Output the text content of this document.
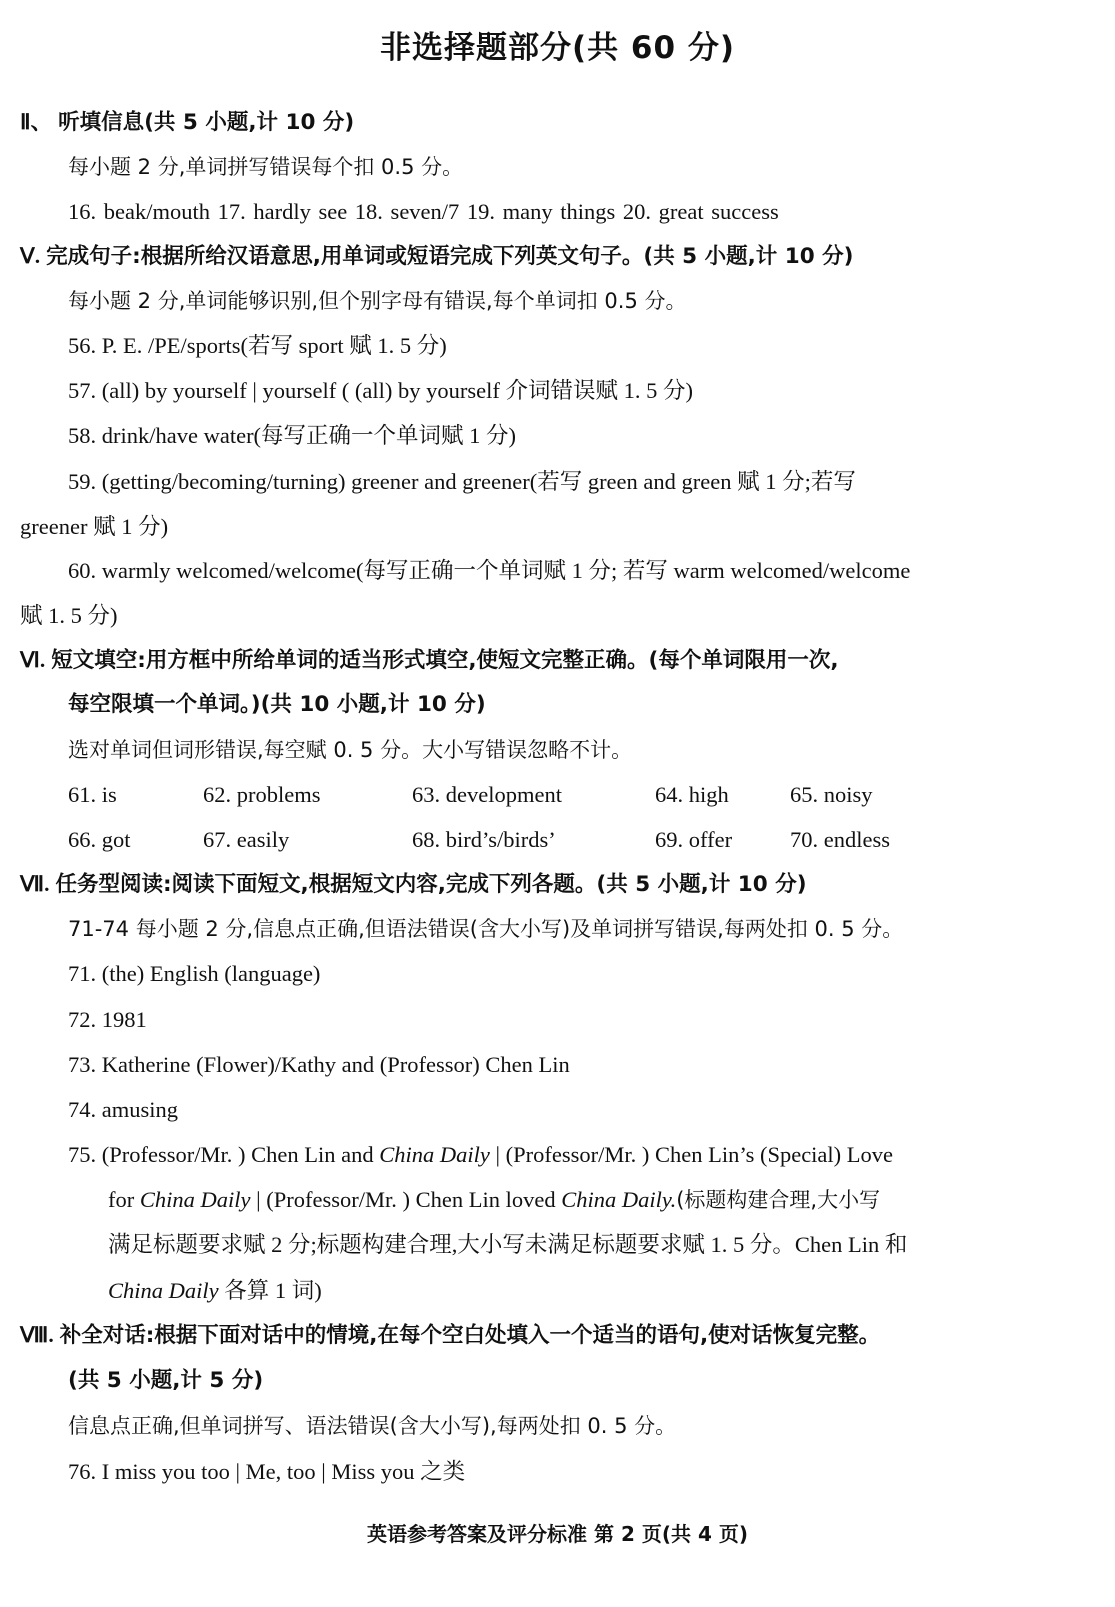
非选择题部分(共 60 分)
Ⅱ、 听填信息(共 5 小题,计 10 分)
每小题 2 分,单词拼写错误每个扣 0.5 分。
16. beak/mouth 17. hardly see 18. seven/7 19. many things 20. great success
Ⅴ. 完成句子:根据所给汉语意思,用单词或短语完成下列英文句子。(共 5 小题,计 10 分)
每小题 2 分,单词能够识别,但个别字母有错误,每个单词扣 0.5 分。
56. P. E. /PE/sports(若写 sport 赋 1. 5 分)
57. (all) by yourself | yourself ( (all) by yourself 介词错误赋 1. 5 分)
58. drink/have water(每写正确一个单词赋 1 分)
59. (getting/becoming/turning) greener and greener(若写 green and green 赋 1 分;若写
greener 赋 1 分)
60. warmly welcomed/welcome(每写正确一个单词赋 1 分; 若写 warm welcomed/welcome
赋 1. 5 分)
Ⅵ. 短文填空:用方框中所给单词的适当形式填空,使短文完整正确。(每个单词限用一次,
每空限填一个单词。)(共 10 小题,计 10 分)
选对单词但词形错误,每空赋 0. 5 分。大小写错误忽略不计。
61. is	62. problems	63. development	64. high	65. noisy
66. got	67. easily	68. bird’s/birds’	69. offer	70. endless
Ⅶ. 任务型阅读:阅读下面短文,根据短文内容,完成下列各题。(共 5 小题,计 10 分)
71-74 每小题 2 分,信息点正确,但语法错误(含大小写)及单词拼写错误,每两处扣 0. 5 分。
71. (the) English (language)
72. 1981
73. Katherine (Flower)/Kathy and (Professor) Chen Lin
74. amusing
75. (Professor/Mr. ) Chen Lin and China Daily | (Professor/Mr. ) Chen Lin’s (Special) Love
for China Daily | (Professor/Mr. ) Chen Lin loved China Daily.(标题构建合理,大小写
满足标题要求赋 2 分;标题构建合理,大小写未满足标题要求赋 1. 5 分。Chen Lin 和
China Daily 各算 1 词)
Ⅷ. 补全对话:根据下面对话中的情境,在每个空白处填入一个适当的语句,使对话恢复完整。
(共 5 小题,计 5 分)
信息点正确,但单词拼写、语法错误(含大小写),每两处扣 0. 5 分。
76. I miss you too | Me, too | Miss you 之类
英语参考答案及评分标准 第 2 页(共 4 页)
